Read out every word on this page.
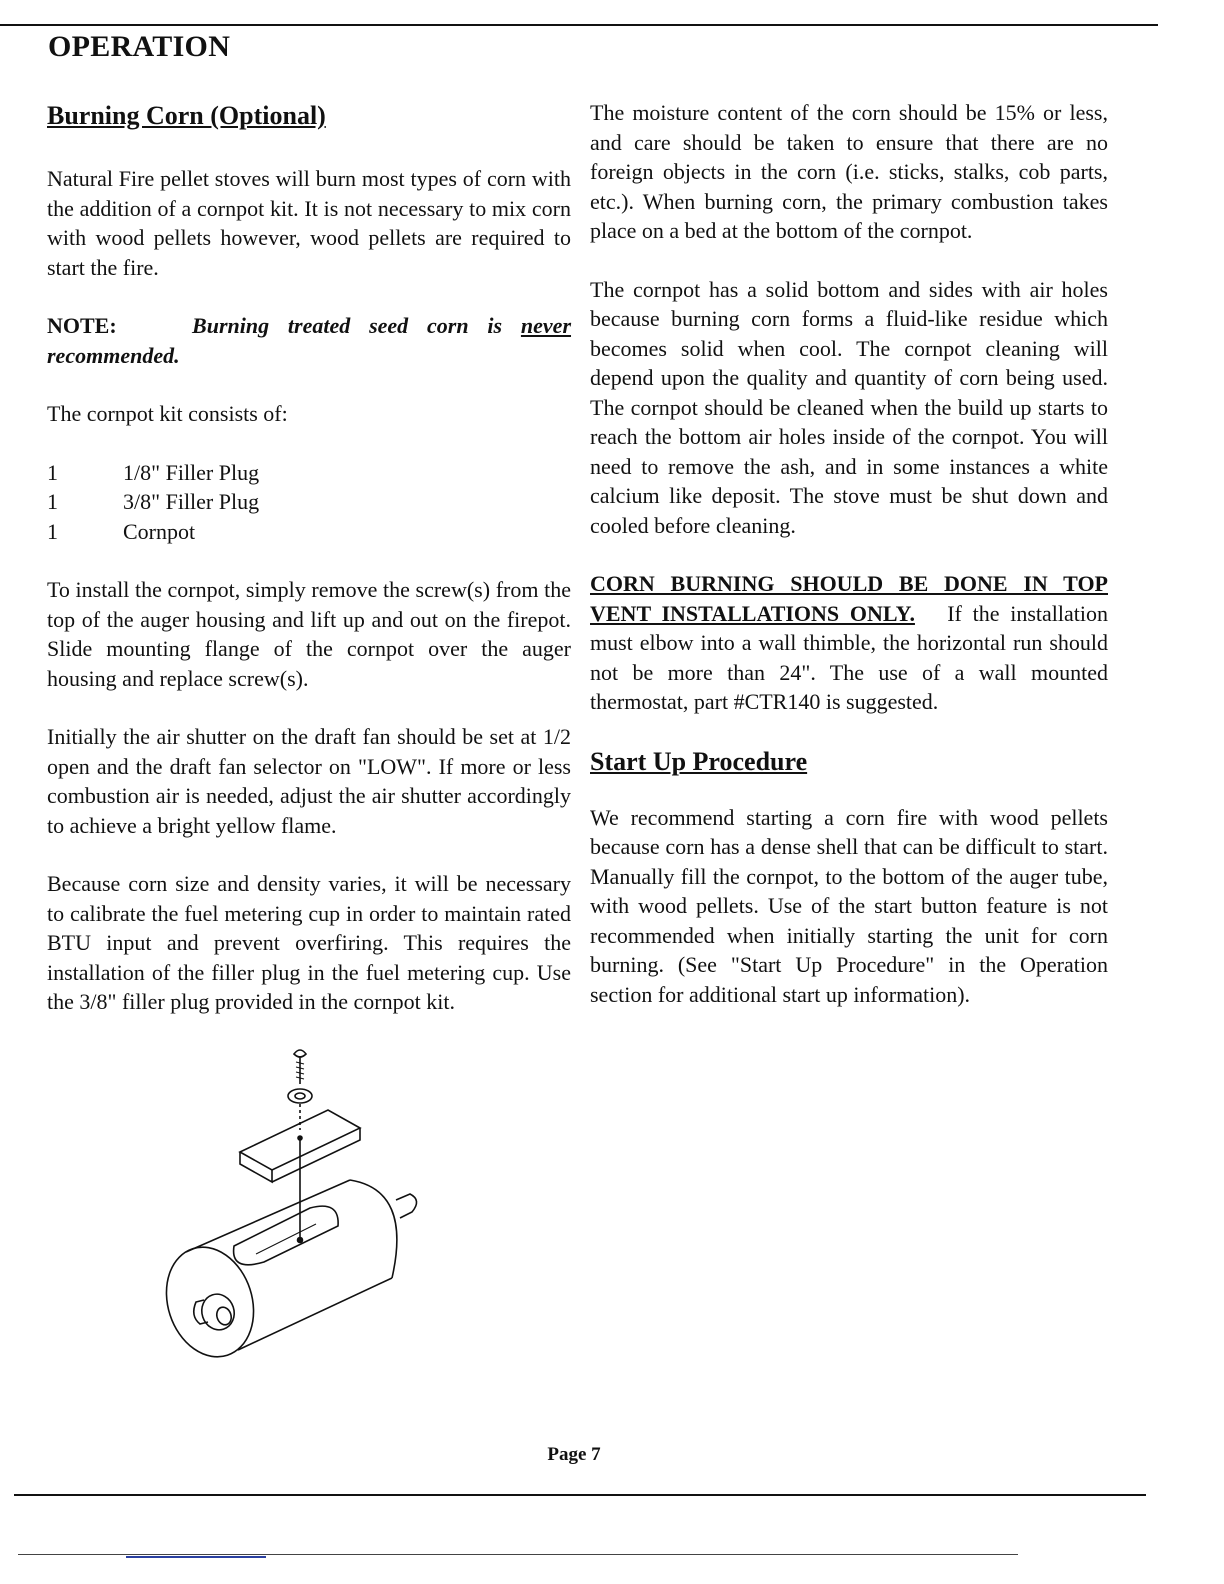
OPERATION
Burning Corn (Optional)

Natural Fire pellet stoves will burn most types of corn with the addition of a cornpot kit. It is not necessary to mix corn with wood pellets however, wood pellets are required to start the fire.

NOTE:	Burning treated seed corn is never recommended.

The cornpot kit consists of:

1	1/8" Filler Plug
1	3/8" Filler Plug
1	Cornpot

To install the cornpot, simply remove the screw(s) from the top of the auger housing and lift up and out on the firepot. Slide mounting flange of the cornpot over the auger housing and replace screw(s).

Initially the air shutter on the draft fan should be set at 1/2 open and the draft fan selector on "LOW". If more or less combustion air is needed, adjust the air shutter accordingly to achieve a bright yellow flame.

Because corn size and density varies, it will be necessary to calibrate the fuel metering cup in order to maintain rated BTU input and prevent overfiring. This requires the installation of the filler plug in the fuel metering cup. Use the 3/8" filler plug provided in the cornpot kit.

The moisture content of the corn should be 15% or less, and care should be taken to ensure that there are no foreign objects in the corn (i.e. sticks, stalks, cob parts, etc.). When burning corn, the primary combustion takes place on a bed at the bottom of the cornpot.

The cornpot has a solid bottom and sides with air holes because burning corn forms a fluid-like residue which becomes solid when cool. The cornpot cleaning will depend upon the quality and quantity of corn being used. The cornpot should be cleaned when the build up starts to reach the bottom air holes inside of the cornpot. You will need to remove the ash, and in some instances a white calcium like deposit. The stove must be shut down and cooled before cleaning.

CORN BURNING SHOULD BE DONE IN TOP VENT INSTALLATIONS ONLY. If the installation must elbow into a wall thimble, the horizontal run should not be more than 24". The use of a wall mounted thermostat, part #CTR140 is suggested.

Start Up Procedure

We recommend starting a corn fire with wood pellets because corn has a dense shell that can be difficult to start. Manually fill the cornpot, to the bottom of the auger tube, with wood pellets. Use of the start button feature is not recommended when initially starting the unit for corn burning. (See "Start Up Procedure" in the Operation section for additional start up information).

Page 7
